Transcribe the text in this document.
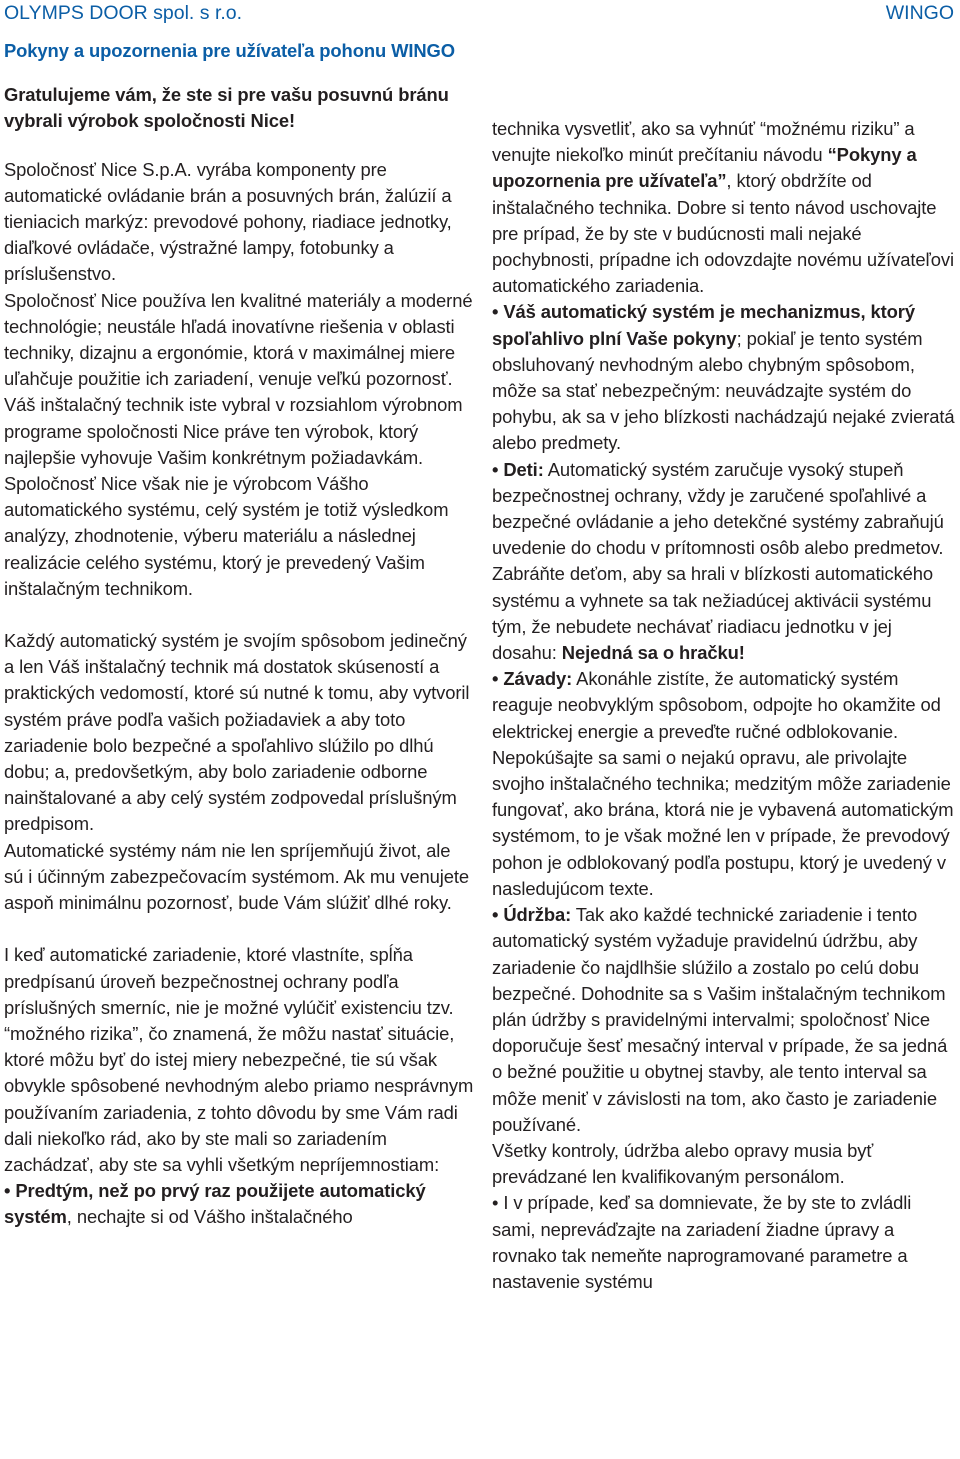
OLYMPS DOOR spol. s r.o.	WINGO

Pokyny a upozornenia pre užívateľa pohonu WINGO

Gratulujeme vám, že ste si pre vašu posuvnú bránu vybrali výrobok spoločnosti Nice!

Spoločnosť Nice S.p.A. vyrába komponenty pre automatické ovládanie brán a posuvných brán, žalúzií a tieniacich markýz: prevodové pohony, riadiace jednotky, diaľkové ovládače, výstražné lampy, fotobunky a príslušenstvo.

Spoločnosť Nice používa len kvalitné materiály a moderné technológie; neustále hľadá inovatívne riešenia v oblasti techniky, dizajnu a ergonómie, ktorá v maximálnej miere uľahčuje použitie ich zariadení, venuje veľkú pozornosť. Váš inštalačný technik iste vybral v rozsiahlom výrobnom programe spoločnosti Nice práve ten výrobok, ktorý najlepšie vyhovuje Vašim konkrétnym požiadavkám.

Spoločnosť Nice však nie je výrobcom Vášho automatického systému, celý systém je totiž výsledkom analýzy, zhodnotenie, výberu materiálu a následnej realizácie celého systému, ktorý je prevedený Vašim inštalačným technikom.

Každý automatický systém je svojím spôsobom jedinečný a len Váš inštalačný technik má dostatok skúseností a praktických vedomostí, ktoré sú nutné k tomu, aby vytvoril systém práve podľa vašich požiadaviek a aby toto zariadenie bolo bezpečné a spoľahlivo slúžilo po dlhú dobu; a, predovšetkým, aby bolo zariadenie odborne nainštalované a aby celý systém zodpovedal príslušným predpisom.

Automatické systémy nám nie len spríjemňujú život, ale sú i účinným zabezpečovacím systémom. Ak mu venujete aspoň minimálnu pozornosť, bude Vám slúžiť dlhé roky.

I keď automatické zariadenie, ktoré vlastníte, spĺňa predpísanú úroveň bezpečnostnej ochrany podľa príslušných smerníc, nie je možné vylúčiť existenciu tzv. “možného rizika”, čo znamená, že môžu nastať situácie, ktoré môžu byť do istej miery nebezpečné, tie sú však obvykle spôsobené nevhodným alebo priamo nesprávnym používaním zariadenia, z tohto dôvodu by sme Vám radi dali niekoľko rád, ako by ste mali so zariadením zachádzať, aby ste sa vyhli všetkým nepríjemnostiam:

• Predtým, než po prvý raz použijete automatický systém, nechajte si od Vášho inštalačného

technika vysvetliť, ako sa vyhnúť “možnému riziku” a venujte niekoľko minút prečítaniu návodu “Pokyny a upozornenia pre užívateľa”, ktorý obdržíte od inštalačného technika. Dobre si tento návod uschovajte pre prípad, že by ste v budúcnosti mali nejaké pochybnosti, prípadne ich odovzdajte novému užívateľovi automatického zariadenia.

• Váš automatický systém je mechanizmus, ktorý spoľahlivo plní Vaše pokyny; pokiaľ je tento systém obsluhovaný nevhodným alebo chybným spôsobom, môže sa stať nebezpečným: neuvádzajte systém do pohybu, ak sa v jeho blízkosti nachádzajú nejaké zvieratá alebo predmety.

• Deti: Automatický systém zaručuje vysoký stupeň bezpečnostnej ochrany, vždy je zaručené spoľahlivé a bezpečné ovládanie a jeho detekčné systémy zabraňujú uvedenie do chodu v prítomnosti osôb alebo predmetov. Zabráňte deťom, aby sa hrali v blízkosti automatického systému a vyhnete sa tak nežiadúcej aktivácii systému tým, že nebudete nechávať riadiacu jednotku v jej dosahu: Nejedná sa o hračku!

• Závady: Akonáhle zistíte, že automatický systém reaguje neobvyklým spôsobom, odpojte ho okamžite od elektrickej energie a preveďte ručné odblokovanie. Nepokúšajte sa sami o nejakú opravu, ale privolajte svojho inštalačného technika; medzitým môže zariadenie fungovať, ako brána, ktorá nie je vybavená automatickým systémom, to je však možné len v prípade, že prevodový pohon je odblokovaný podľa postupu, ktorý je uvedený v nasledujúcom texte.

• Údržba: Tak ako každé technické zariadenie i tento automatický systém vyžaduje pravidelnú údržbu, aby zariadenie čo najdlhšie slúžilo a zostalo po celú dobu bezpečné. Dohodnite sa s Vašim inštalačným technikom plán údržby s pravidelnými intervalmi; spoločnosť Nice doporučuje šesť mesačný interval v prípade, že sa jedná o bežné použitie u obytnej stavby, ale tento interval sa môže meniť v závislosti na tom, ako často je zariadenie používané.

Všetky kontroly, údržba alebo opravy musia byť prevádzané len kvalifikovaným personálom.

• I v prípade, keď sa domnievate, že by ste to zvládli sami, nepreváďzajte na zariadení žiadne úpravy a rovnako tak nemeňte naprogramované parametre a nastavenie systému
